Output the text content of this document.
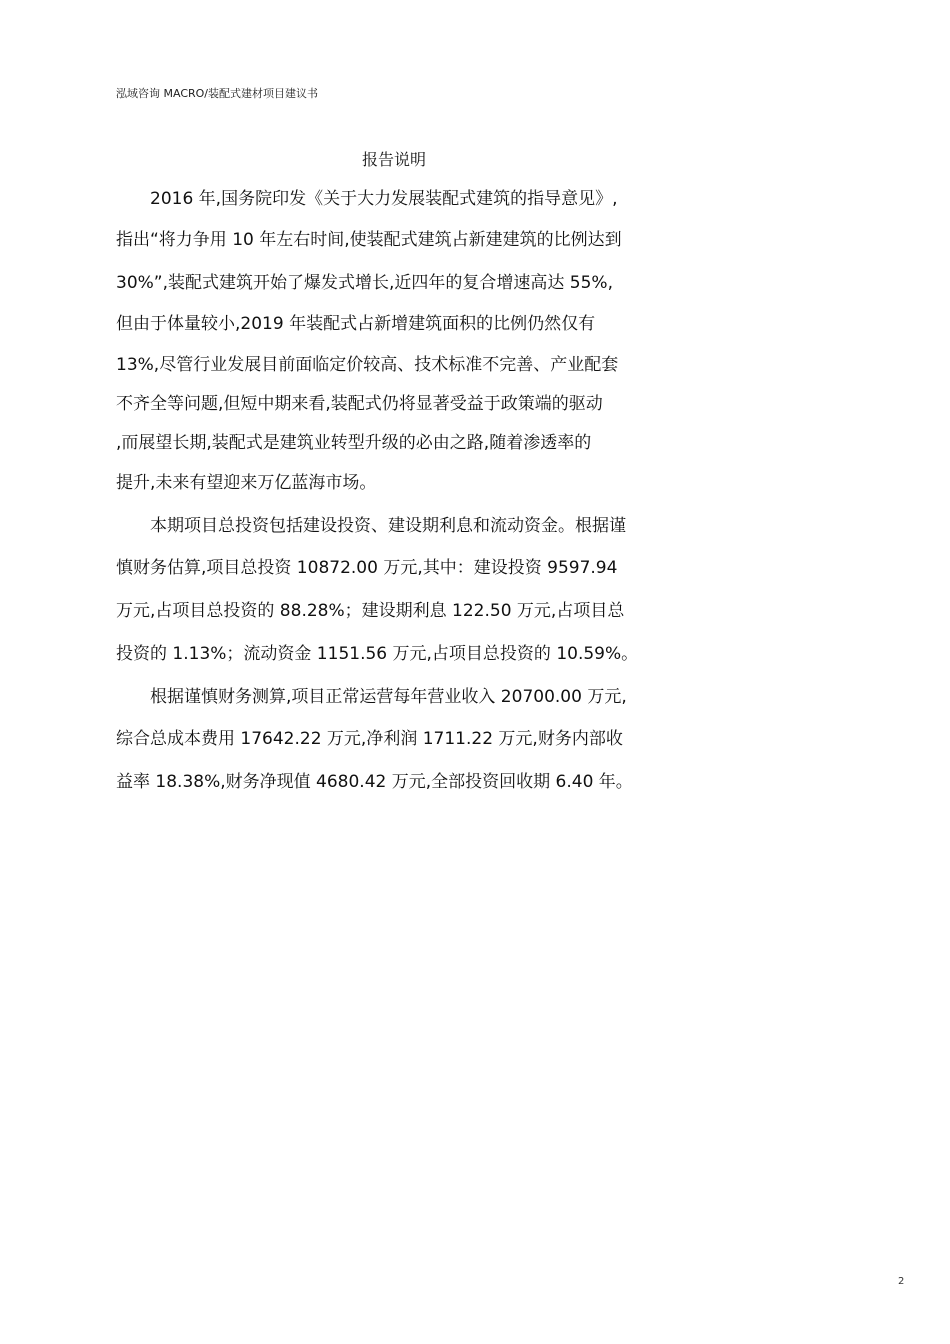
泓域咨询 MACRO/装配式建材项目建议书
报告说明
2016 年,国务院印发《关于大力发展装配式建筑的指导意见》,
指出“将力争用 10 年左右时间,使装配式建筑占新建建筑的比例达到
30%”,装配式建筑开始了爆发式增长,近四年的复合增速高达 55%,
但由于体量较小,2019 年装配式占新增建筑面积的比例仍然仅有
13%,尽管行业发展目前面临定价较高、技术标准不完善、产业配套
不齐全等问题,但短中期来看,装配式仍将显著受益于政策端的驱动
,而展望长期,装配式是建筑业转型升级的必由之路,随着渗透率的
提升,未来有望迎来万亿蓝海市场。
本期项目总投资包括建设投资、建设期利息和流动资金。根据谨
慎财务估算,项目总投资 10872.00 万元,其中：建设投资 9597.94
万元,占项目总投资的 88.28%；建设期利息 122.50 万元,占项目总
投资的 1.13%；流动资金 1151.56 万元,占项目总投资的 10.59%。
根据谨慎财务测算,项目正常运营每年营业收入 20700.00 万元,
综合总成本费用 17642.22 万元,净利润 1711.22 万元,财务内部收
益率 18.38%,财务净现值 4680.42 万元,全部投资回收期 6.40 年。
2
